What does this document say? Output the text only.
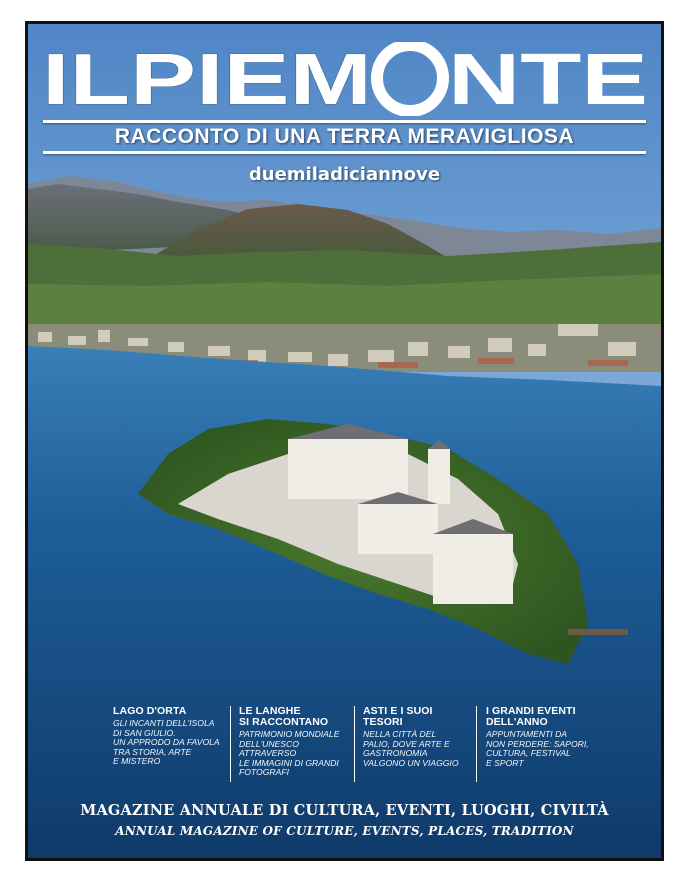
ILPIEM	O NTE
RACCONTO DI UNA TERRA MERAVIGLIOSA
duemiladiciannove
LAGO D'ORTA
GLI INCANTI DELL'ISOLA
DI SAN GIULIO.
UN APPRODO DA FAVOLA
TRA STORIA, ARTE
E MISTERO
LE LANGHE
SI RACCONTANO
PATRIMONIO MONDIALE
DELL'UNESCO ATTRAVERSO
LE IMMAGINI DI GRANDI
FOTOGRAFI
ASTI E I SUOI
TESORI
NELLA CITTÀ DEL
PALIO, DOVE ARTE E
GASTRONOMIA
VALGONO UN VIAGGIO
I GRANDI EVENTI
DELL'ANNO
APPUNTAMENTI DA
NON PERDERE: SAPORI,
CULTURA, FESTIVAL
E SPORT
MAGAZINE ANNUALE DI CULTURA, EVENTI, LUOGHI, CIVILTÀ
ANNUAL MAGAZINE OF CULTURE, EVENTS, PLACES, TRADITION
